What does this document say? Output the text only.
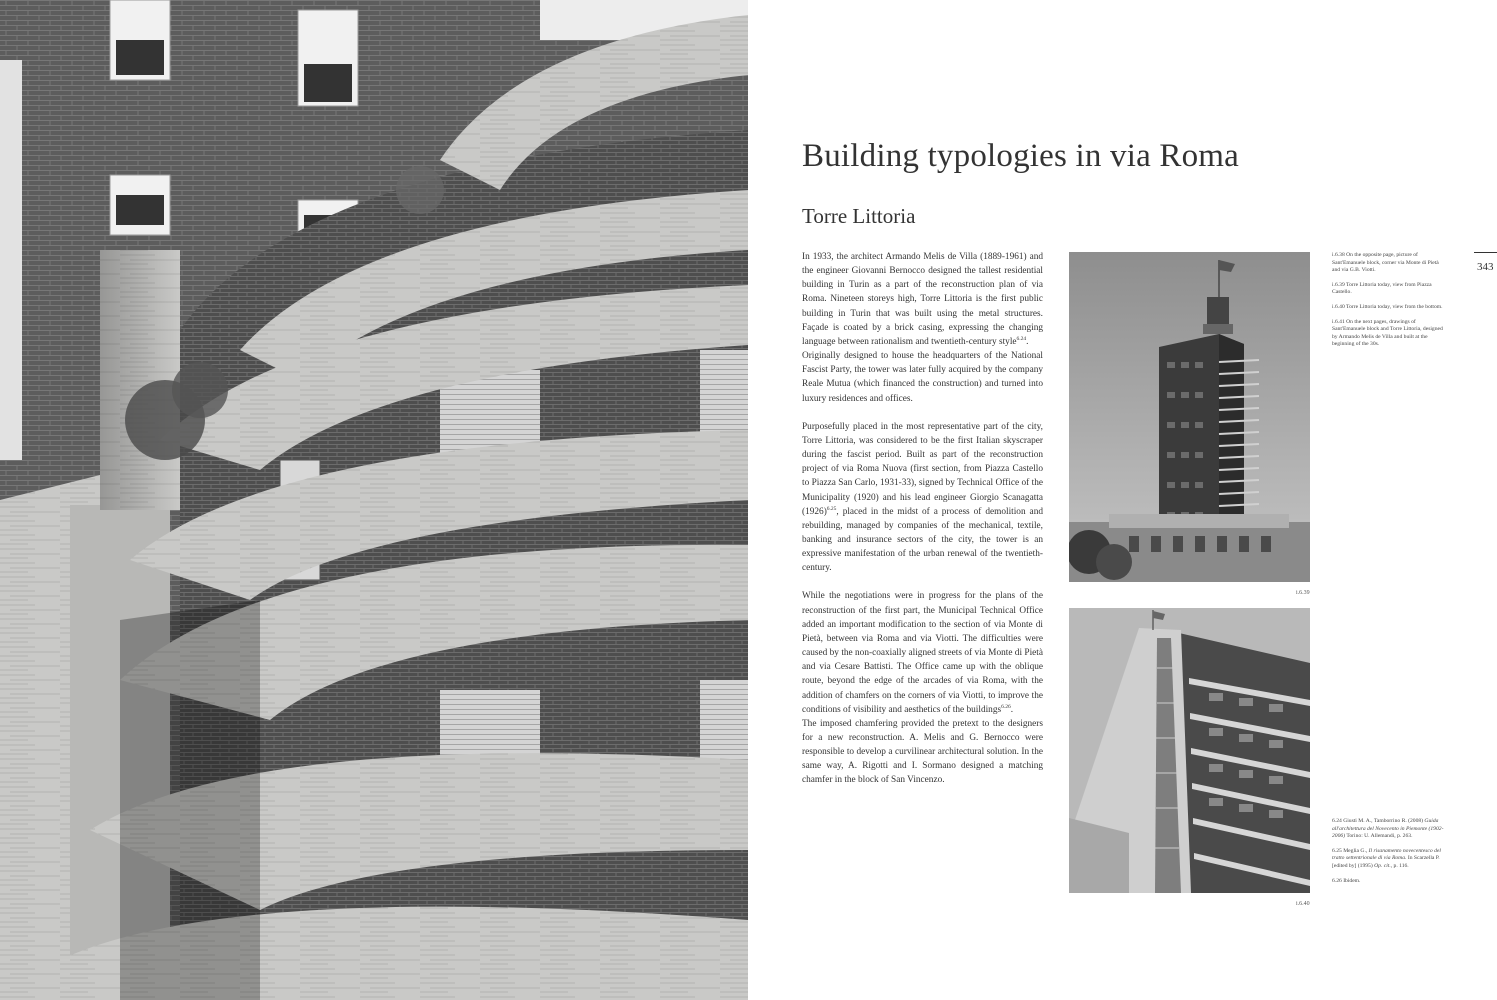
Building typologies in via Roma
Torre Littoria

In 1933, the architect Armando Melis de Villa (1889-1961) and the engineer Giovanni Bernocco designed the tallest residential building in Turin as a part of the reconstruction plan of via Roma. Nineteen storeys high, Torre Littoria is the first public building in Turin that was built using the metal structures. Façade is coated by a brick casing, expressing the changing language between rationalism and twentieth-century style$^{6.24}$.

Originally designed to house the headquarters of the National Fascist Party, the tower was later fully acquired by the company Reale Mutua (which financed the construction) and turned into luxury residences and offices.

Purposefully placed in the most representative part of the city, Torre Littoria, was considered to be the first Italian skyscraper during the fascist period. Built as part of the reconstruction project of via Roma Nuova (first section, from Piazza Castello to Piazza San Carlo, 1931-33), signed by Technical Office of the Municipality (1920) and his lead engineer Giorgio Scanagatta $(1926)^{6.25}$, placed in the midst of a process of demolition and rebuilding, managed by companies of the mechanical, textile, banking and insurance sectors of the city, the tower is an expressive manifestation of the urban renewal of the twentieth-century.

While the negotiations were in progress for the plans of the reconstruction of the first part, the Municipal Technical Office added an important modification to the section of via Monte di Pietà, between via Roma and via Viotti. The difficulties were caused by the non-coaxially aligned streets of via Monte di Pietà and via Cesare Battisti. The Office came up with the oblique route, beyond the edge of the arcades of via Roma, with the addition of chamfers on the corners of via Viotti, to improve the conditions of visibility and aesthetics of the buildings$^{6.26}$.

The imposed chamfering provided the pretext to the designers for a new reconstruction. A. Melis and G. Bernocco were responsible to develop a curvilinear architectural solution. In the same way, A. Rigotti and I. Sormano designed a matching chamfer in the block of San Vincenzo.

i.6.39
i.6.40

i.6.38 On the opposite page, picture of Sant'Emanuele block, corner via Monte di Pietà and via G.B. Viotti.

i.6.39 Torre Littoria today, view from Piazza Castello.

i.6.40 Torre Littoria today, view from the bottom.

i.6.41 On the next pages, drawings of Sant'Emanuele block and Torre Littoria, designed by Armando Melis de Villa and built at the beginning of the 30s.

6.24 Giusti M. A., Tamborrino R. (2008) Guida all'architettura del Novecento in Piemonte (1902-2006) Torino: U. Allemandi, p. 263.

6.25 Meglia G., Il risanamento novecentesco del tratto settentrionale di via Roma. In Scarzella P. [edited by] (1995) Op. cit., p. 116.

6.26 Ibidem.

343
